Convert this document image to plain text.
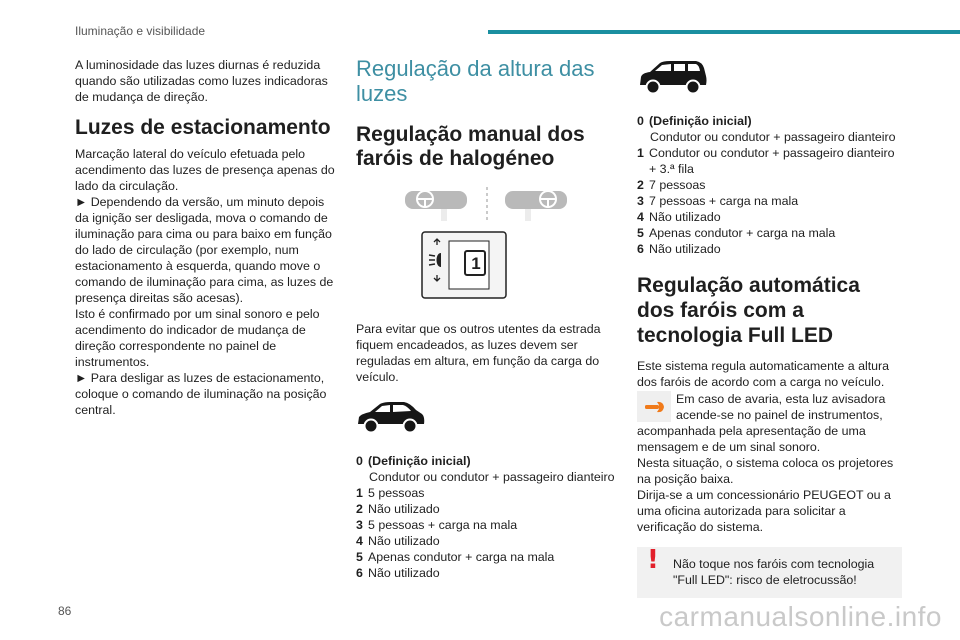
Iluminação e visibilidade

A luminosidade das luzes diurnas é reduzida quando são utilizadas como luzes indicadoras de mudança de direção.

Luzes de estacionamento

Marcação lateral do veículo efetuada pelo acendimento das luzes de presença apenas do lado da circulação.

► Dependendo da versão, um minuto depois da ignição ser desligada, mova o comando de iluminação para cima ou para baixo em função do lado de circulação (por exemplo, num estacionamento à esquerda, quando move o comando de iluminação para cima, as luzes de presença direitas são acesas).

Isto é confirmado por um sinal sonoro e pelo acendimento do indicador de mudança de direção correspondente no painel de instrumentos.

► Para desligar as luzes de estacionamento, coloque o comando de iluminação na posição central.

Regulação da altura das luzes
Regulação manual dos faróis de halogéneo
1

Para evitar que os outros utentes da estrada fiquem encadeados, as luzes devem ser reguladas em altura, em função da carga do veículo.

0 (Definição inicial)
Condutor ou condutor + passageiro dianteiro
1 5 pessoas
2 Não utilizado
3 5 pessoas + carga na mala
4 Não utilizado
5 Apenas condutor + carga na mala
6 Não utilizado
0 (Definição inicial)
Condutor ou condutor + passageiro dianteiro
1 Condutor ou condutor + passageiro dianteiro + 3.ª fila
2 7 pessoas
3 7 pessoas + carga na mala
4 Não utilizado
5 Apenas condutor + carga na mala
6 Não utilizado
Regulação automática dos faróis com a tecnologia Full LED

Este sistema regula automaticamente a altura dos faróis de acordo com a carga no veículo.

Em caso de avaria, esta luz avisadora

acende-se no painel de instrumentos,

acompanhada pela apresentação de uma mensagem e de um sinal sonoro.

Nesta situação, o sistema coloca os projetores na posição baixa.

Dirija-se a um concessionário PEUGEOT ou a uma oficina autorizada para solicitar a verificação do sistema.

! Não toque nos faróis com tecnologia "Full LED": risco de eletrocussão!
86	carmanualsonline.info
